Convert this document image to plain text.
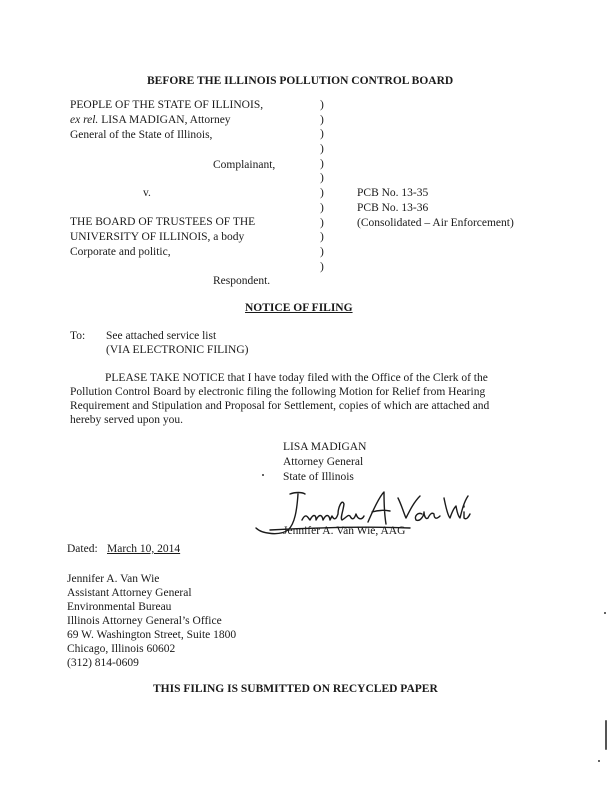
BEFORE THE ILLINOIS POLLUTION CONTROL BOARD
PEOPLE OF THE STATE OF ILLINOIS,
ex rel. LISA MADIGAN, Attorney
General of the State of Illinois,
Complainant,
v.
THE BOARD OF TRUSTEES OF THE
UNIVERSITY OF ILLINOIS, a body
Corporate and politic,
Respondent.
)
)
)
)
)
)
)
)
)
)
)
)
PCB No. 13-35
PCB No. 13-36
(Consolidated – Air Enforcement)
NOTICE OF FILING
To: See attached service list
(VIA ELECTRONIC FILING)
PLEASE TAKE NOTICE that I have today filed with the Office of the Clerk of the
Pollution Control Board by electronic filing the following Motion for Relief from Hearing
Requirement and Stipulation and Proposal for Settlement, copies of which are attached and
hereby served upon you.
LISA MADIGAN
Attorney General
State of Illinois
Jennifer A. Van Wie, AAG
Dated: March 10, 2014
Jennifer A. Van Wie
Assistant Attorney General
Environmental Bureau
Illinois Attorney General’s Office
69 W. Washington Street, Suite 1800
Chicago, Illinois 60602
(312) 814-0609
THIS FILING IS SUBMITTED ON RECYCLED PAPER
